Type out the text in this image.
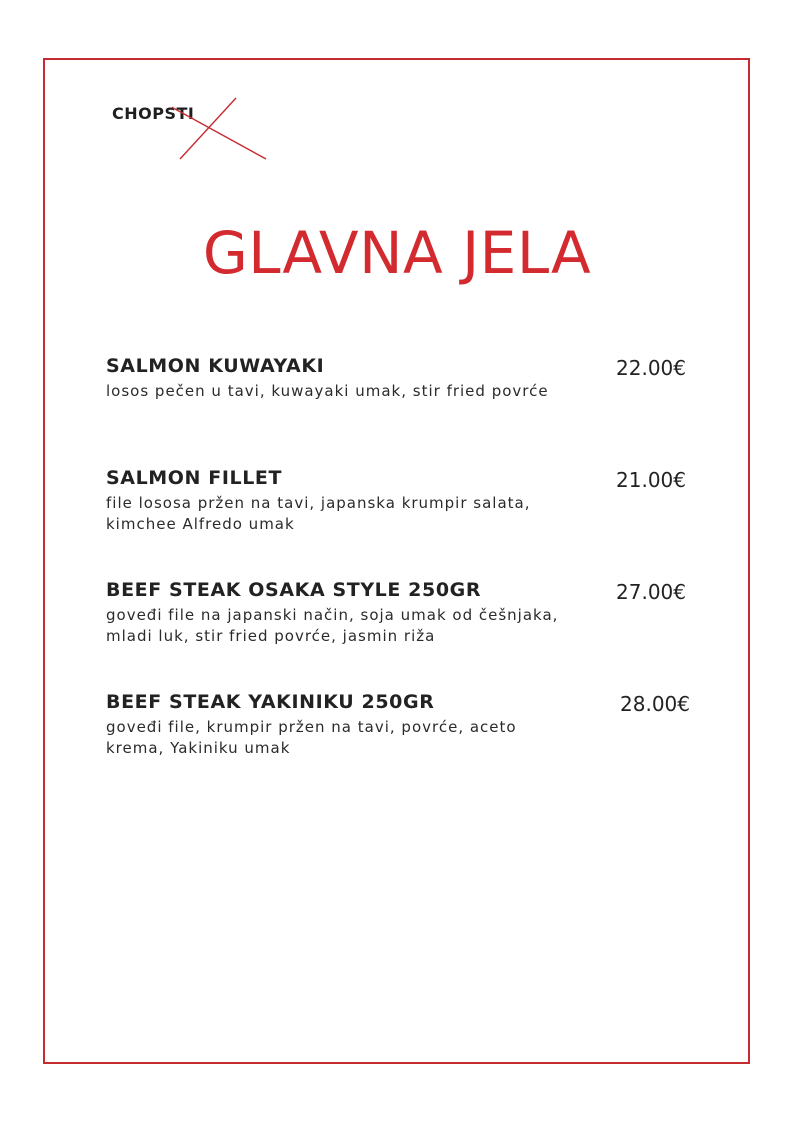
CHOPSTI
GLAVNA JELA
SALMON KUWAYAKI
losos pečen u tavi, kuwayaki umak, stir fried povrće
22.00€
SALMON FILLET
file lososa pržen na tavi, japanska krumpir salata, kimchee Alfredo umak
21.00€
BEEF STEAK OSAKA STYLE 250GR
goveđi file na japanski način, soja umak od češnjaka, mladi luk, stir fried povrće, jasmin riža
27.00€
BEEF STEAK YAKINIKU 250GR
goveđi file, krumpir pržen na tavi, povrće, aceto krema, Yakiniku umak
28.00€
